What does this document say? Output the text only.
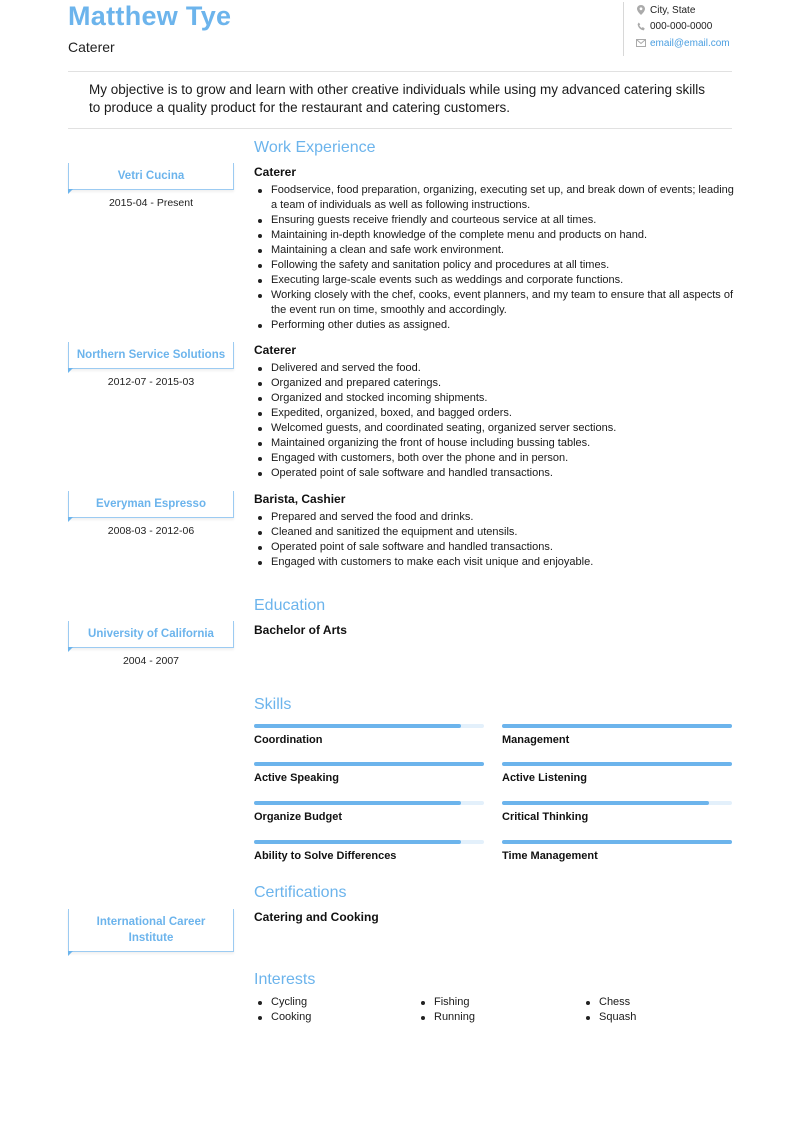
Matthew Tye
Caterer
City, State
000-000-0000
email@email.com
My objective is to grow and learn with other creative individuals while using my advanced catering skills to produce a quality product for the restaurant and catering customers.
Work Experience
Vetri Cucina
2015-04 - Present
Caterer
Foodservice, food preparation, organizing, executing set up, and break down of events; leading a team of individuals as well as following instructions.
Ensuring guests receive friendly and courteous service at all times.
Maintaining in-depth knowledge of the complete menu and products on hand.
Maintaining a clean and safe work environment.
Following the safety and sanitation policy and procedures at all times.
Executing large-scale events such as weddings and corporate functions.
Working closely with the chef, cooks, event planners, and my team to ensure that all aspects of the event run on time, smoothly and accordingly.
Performing other duties as assigned.
Northern Service Solutions
2012-07 - 2015-03
Caterer
Delivered and served the food.
Organized and prepared caterings.
Organized and stocked incoming shipments.
Expedited, organized, boxed, and bagged orders.
Welcomed guests, and coordinated seating, organized server sections.
Maintained organizing the front of house including bussing tables.
Engaged with customers, both over the phone and in person.
Operated point of sale software and handled transactions.
Everyman Espresso
2008-03 - 2012-06
Barista, Cashier
Prepared and served the food and drinks.
Cleaned and sanitized the equipment and utensils.
Operated point of sale software and handled transactions.
Engaged with customers to make each visit unique and enjoyable.
Education
University of California
2004 - 2007
Bachelor of Arts
Skills
Coordination	Management
Active Speaking	Active Listening
Organize Budget	Critical Thinking
Ability to Solve Differences	Time Management
Certifications
International Career Institute
Catering and Cooking
Interests
Cycling
Cooking
Fishing
Running
Chess
Squash
